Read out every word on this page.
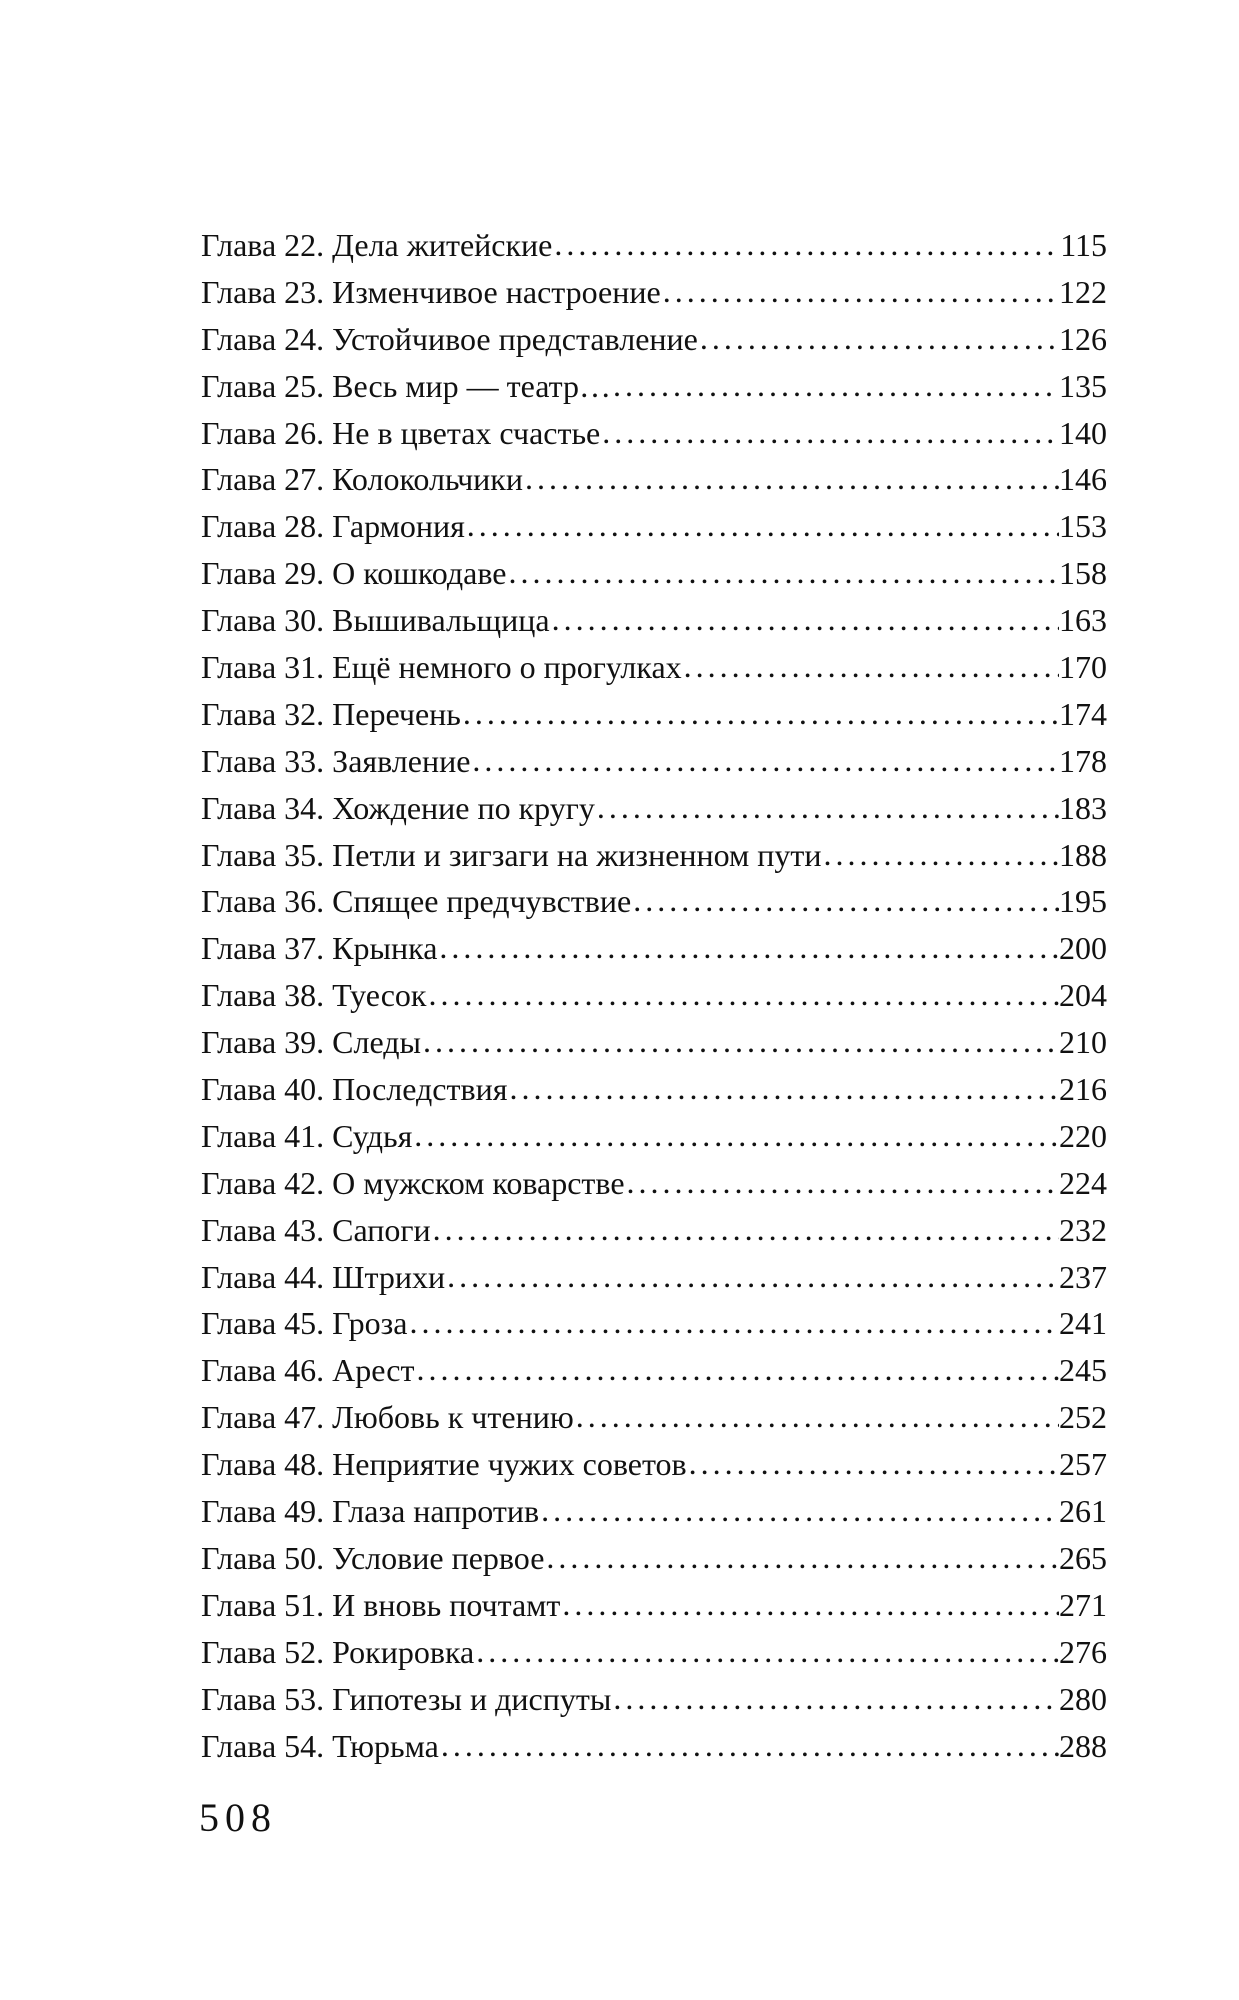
Глава 22. Дела житейские . . .	115
Глава 23. Изменчивое настроение . . .	122
Глава 24. Устойчивое представление . . .	126
Глава 25. Весь мир — театр… . . .	135
Глава 26. Не в цветах счастье . . .	140
Глава 27. Колокольчики . . .	146
Глава 28. Гармония . . .	153
Глава 29. О кошкодаве . . .	158
Глава 30. Вышивальщица . . .	163
Глава 31. Ещё немного о прогулках . . .	170
Глава 32. Перечень . . .	174
Глава 33. Заявление . . .	178
Глава 34. Хождение по кругу . . .	183
Глава 35. Петли и зигзаги на жизненном пути . . .	188
Глава 36. Спящее предчувствие . . .	195
Глава 37. Крынка . . .	200
Глава 38. Туесок . . .	204
Глава 39. Следы . . .	210
Глава 40. Последствия . . .	216
Глава 41. Судья . . .	220
Глава 42. О мужском коварстве . . .	224
Глава 43. Сапоги . . .	232
Глава 44. Штрихи . . .	237
Глава 45. Гроза . . .	241
Глава 46. Арест . . .	245
Глава 47. Любовь к чтению . . .	252
Глава 48. Неприятие чужих советов . . .	257
Глава 49. Глаза напротив . . .	261
Глава 50. Условие первое . . .	265
Глава 51. И вновь почтамт . . .	271
Глава 52. Рокировка . . .	276
Глава 53. Гипотезы и диспуты . . .	280
Глава 54. Тюрьма . . .	288
508
